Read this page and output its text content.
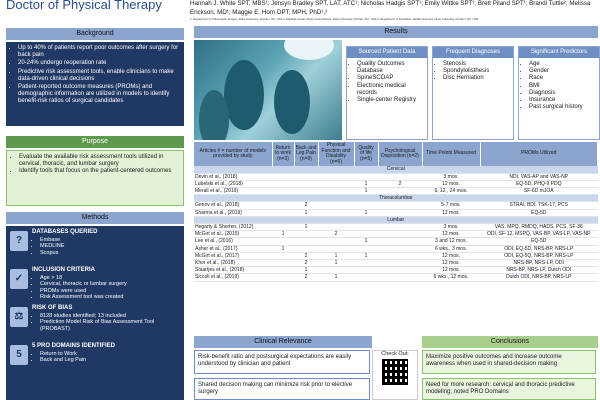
Doctor of Physical Therapy	Hannah J. White SPT, MBS¹; Jensyn Bradley SPT, LAT, ATC¹; Nicholas Hadgis SPT¹; Emily Wittke SPT¹; Brett Piland SPT¹; Brandi Tuttle²; Melissa Erickson, MD¹; Maggie E. Horn DPT, MPH, PhD¹,³
1. Department of Orthopaedic Surgery, Duke University, Durham, NC, USA 2. Medical Center Library and Archives, Duke University, Durham, NC, USA 3. Department of Population Health Sciences, Duke University, Durham, NC, USA
Background
• Up to 40% of patients report poor outcomes after surgery for back pain
• 20-24% undergo reoperation rate
• Predictive risk assessment tools, enable clinicians to make data-driven clinical decisions
• Patient-reported outcome measures (PROMs) and demographic information are utilized in models to identify benefit-risk ratios of surgical candidates
Purpose
• Evaluate the available risk assessment tools utilized in cervical, thoracic, and lumbar surgery
• Identify tools that focus on the patient-centered outcomes
Methods
?
DATABASES QUERIED
• Embase
• MEDLINE
• Scopus
✓
INCLUSION CRITERIA
• Age > 18
• Cervical, thoracic or lumbar surgery
• PROMs were used
• Risk Assessment tool was created
⚖
RISK OF BIAS
• 8128 studies identified; 13 included
• Prediction Model Risk of Bias Assessment Tool (PROBAST)
5
5 PRO DOMAINS IDENTIFIED
• Return to Work
• Back and Leg Pain
Results
Sourced Patient Data
• Quality Outcomes Database
• SpineSCOAP
• Electronic medical records
• Single-center Registry
Frequent Diagnoses
• Stenosis
• Spondylolisthesis
• Disc Herniation
Significant Predictors
• Age
• Gender
• Race
• BMI
• Diagnosis
• Insurance
• Past surgical history
Articles # = number of models provided by study	Return to work (n=3)	Back and Leg Pain (n=9)	Physical Function and Disability (n=6)	Quality of life (n=5)	Psychological Disposition (n=2)	Time Points Measured	PROMs Utilized
Cervical							
Devin et al., (2018)						3 mos.	NDI, VAS-AP and VAS-NP
Lubelski et al., (2018)				1	2	12 mos.	EQ-5D, PHQ-9 PDQ
Merali et al., (2019)				1		6, 12 , 24 mos.	SF-6D mJOA
Thoracolumbar							
Genov et al., (2018)		2				5-7 mos.	STRAI, BDI, TSK-17, PCS
Sharma et al., (2019)		1		1		12 mos.	EQ-5D
Lumbar							
Hegarty & Shorten, (2012)		1				3 mos.	VAS, MPQ, RMDQ, HADS, PCS, SF-36
McGirt et al., (2015)	1		2			12 mos.	ODI, SF-12, MSPQ, VAS-BP, VAS-LP, VAS-NP
Lee et al., (2016)				1		3 and 12 mos.	EQ-5D
Asher et al., (2017)	1					6 wks., 3 mos.	ODI, EQ-5D, NRS-BP, NRS-LP
McGirt et al., (2017)		2	1	1		12 mos.	ODI, EQ-5Q, NRS-BP, NRS-LP
Khor et al., (2018)		2	1			12 mos.	NRS-BP, NRS-LP, ODI
Staartjes et al., (2018)		1				12 mos.	NRS-BP, NRS-LP, Dutch ODI
Siccoli et al., (2019)		2	1			6 wks., 12 mos.	Dutch ODI, NRS-BP, NRS-LP
Clinical Relevance
Risk-benefit ratio and postsurgical expectations are easily understood by clinician and patient
Shared decision making can minimize risk prior to elective surgery
Check Out:
Conclusions
Maximize positive outcomes and increase outcome awareness when used in shared-decision making
Need for more research: cervical and thoracic predictive modeling; noted PRO Domains
